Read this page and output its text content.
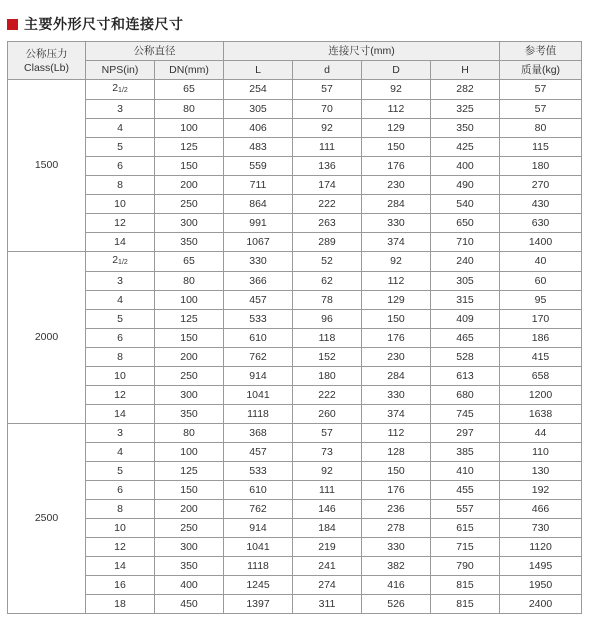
主要外形尺寸和连接尺寸
公称压力
Class(Lb)	公称直径		连接尺寸(mm)				参考值
	NPS(in)	DN(mm)	L	d	D	H	质量(kg)
1500	21/2	65	254	57	92	282	57
	3	80	305	70	112	325	57
	4	100	406	92	129	350	80
	5	125	483	111	150	425	115
	6	150	559	136	176	400	180
	8	200	711	174	230	490	270
	10	250	864	222	284	540	430
	12	300	991	263	330	650	630
	14	350	1067	289	374	710	1400
2000	21/2	65	330	52	92	240	40
	3	80	366	62	112	305	60
	4	100	457	78	129	315	95
	5	125	533	96	150	409	170
	6	150	610	118	176	465	186
	8	200	762	152	230	528	415
	10	250	914	180	284	613	658
	12	300	1041	222	330	680	1200
	14	350	1118	260	374	745	1638
2500	3	80	368	57	112	297	44
	4	100	457	73	128	385	110
	5	125	533	92	150	410	130
	6	150	610	111	176	455	192
	8	200	762	146	236	557	466
	10	250	914	184	278	615	730
	12	300	1041	219	330	715	1120
	14	350	1118	241	382	790	1495
	16	400	1245	274	416	815	1950
	18	450	1397	311	526	815	2400
